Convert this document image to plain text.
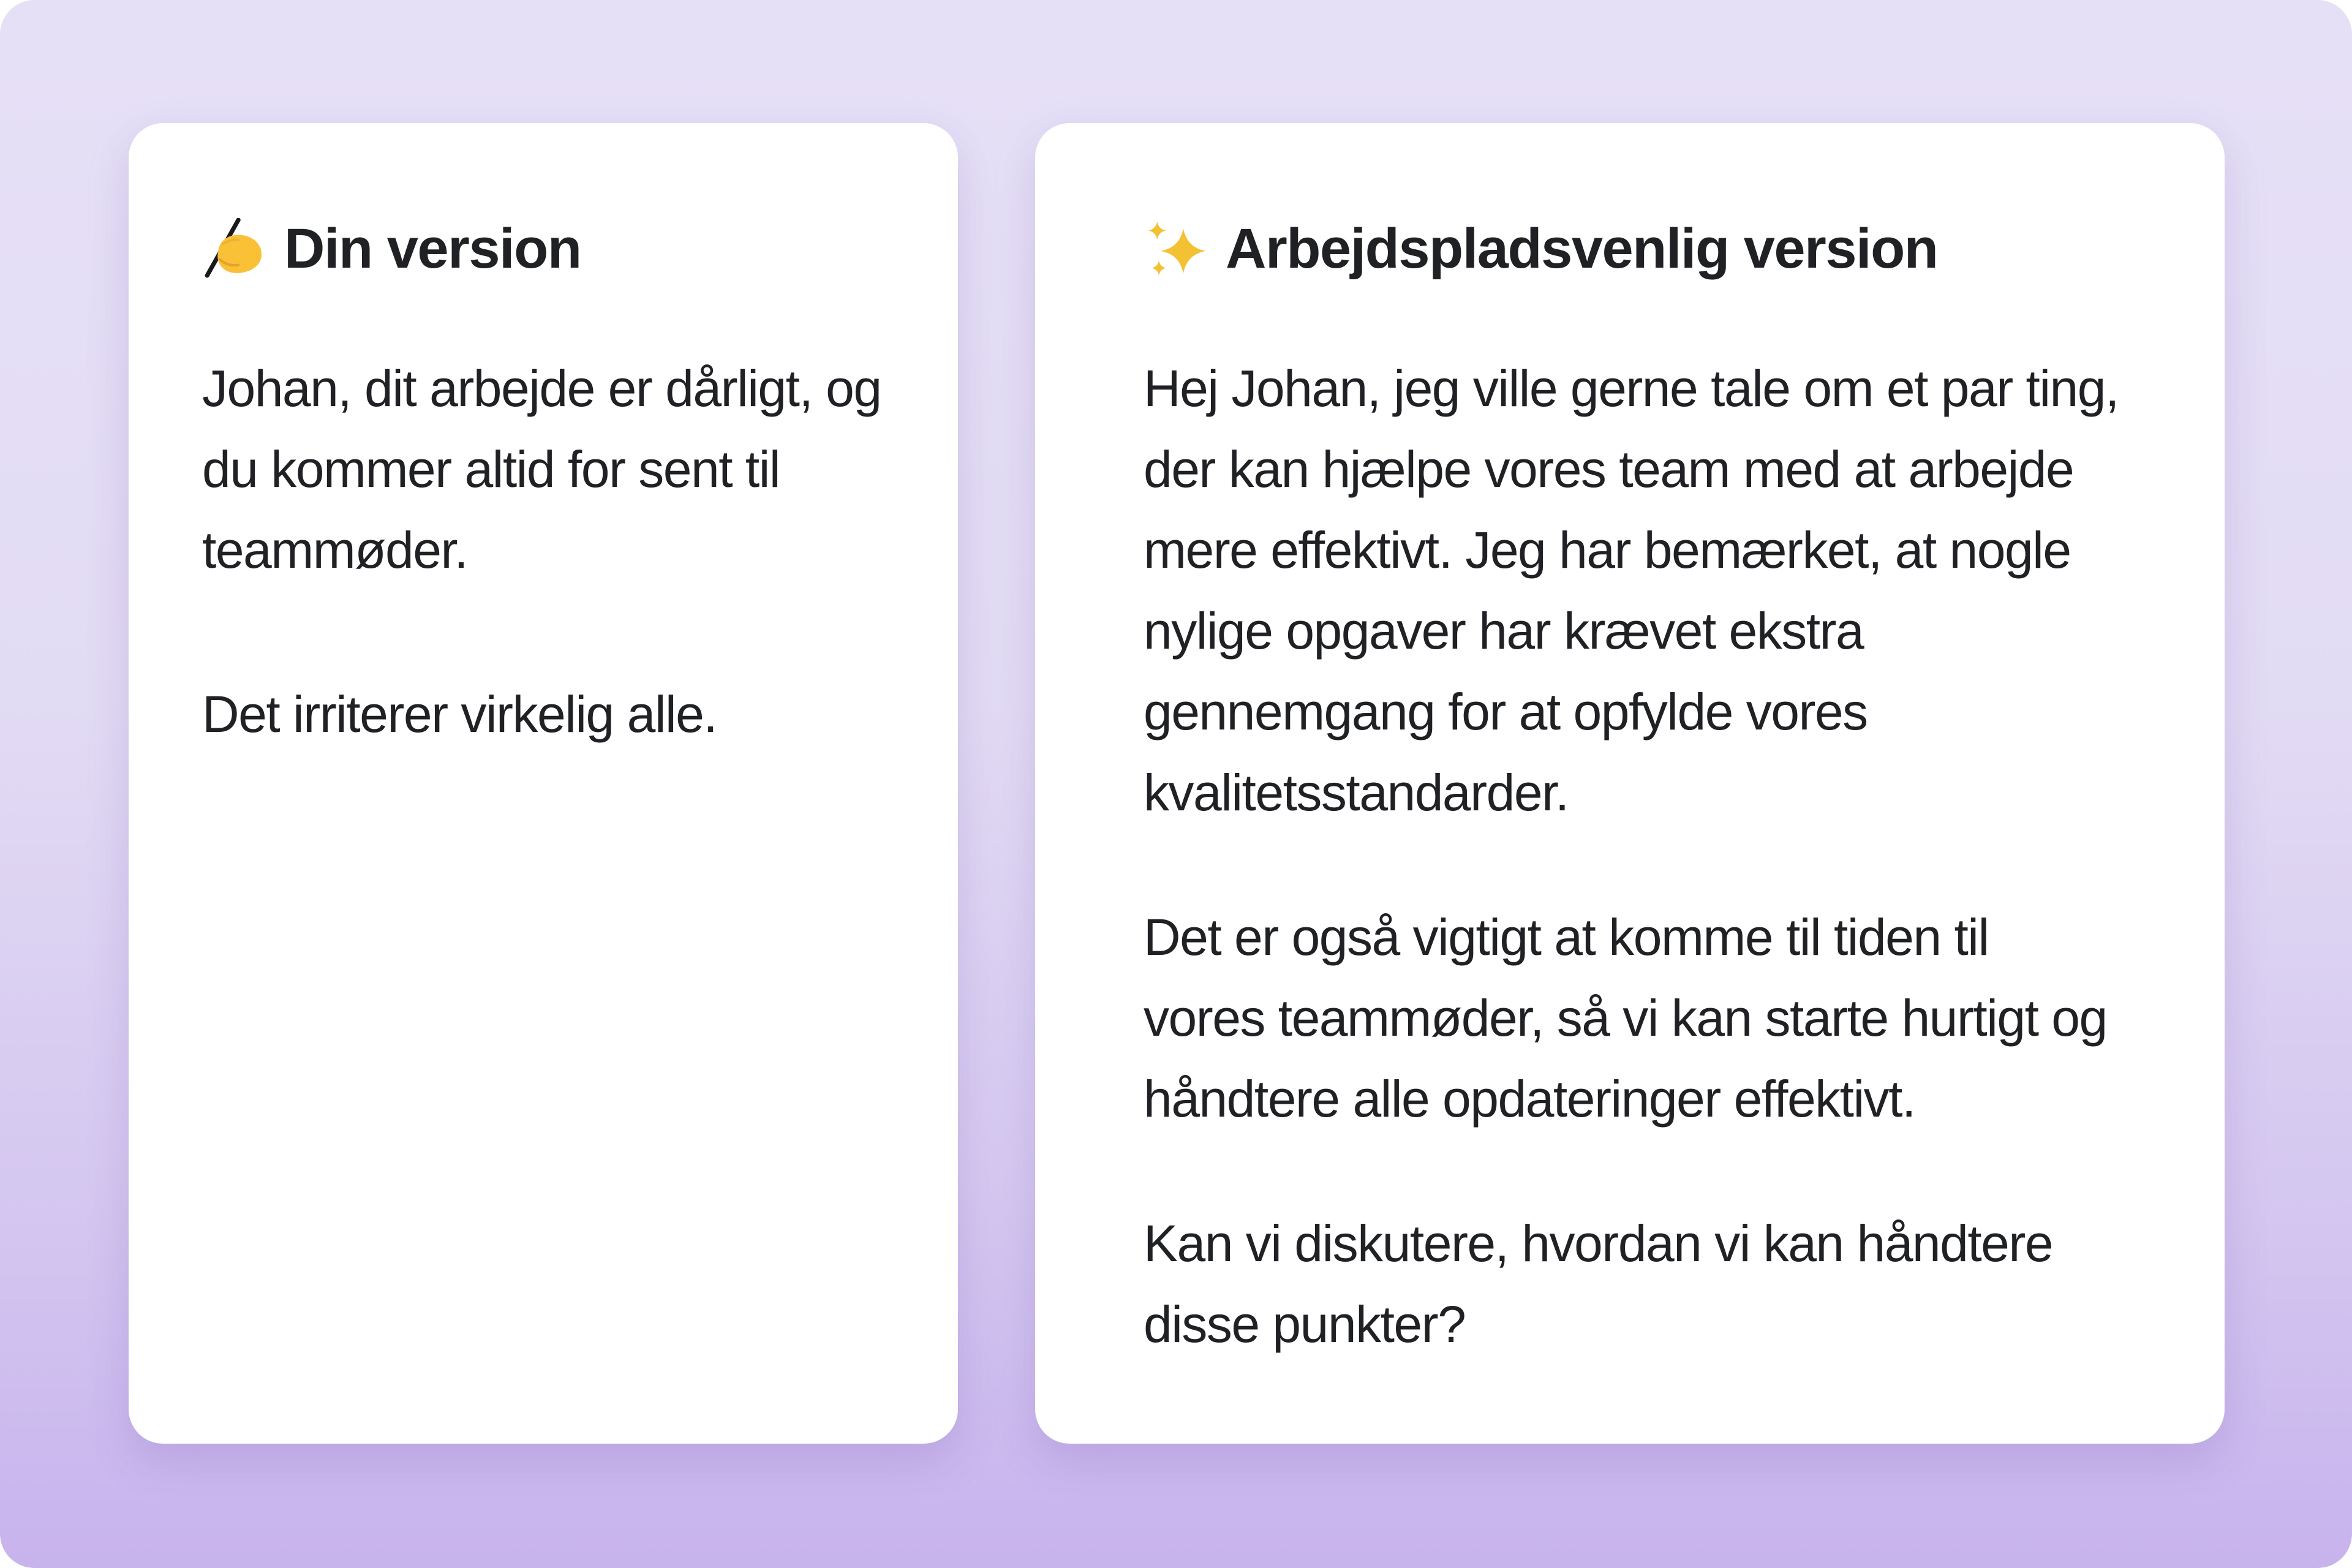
Din version

Johan, dit arbejde er dårligt, og du kommer altid for sent til teammøder.

Det irriterer virkelig alle.

Arbejdspladsvenlig version

Hej Johan, jeg ville gerne tale om et par ting, der kan hjælpe vores team med at arbejde mere effektivt. Jeg har bemærket, at nogle nylige opgaver har krævet ekstra gennemgang for at opfylde vores kvalitetsstandarder.

Det er også vigtigt at komme til tiden til vores teammøder, så vi kan starte hurtigt og håndtere alle opdateringer effektivt.

Kan vi diskutere, hvordan vi kan håndtere disse punkter?
